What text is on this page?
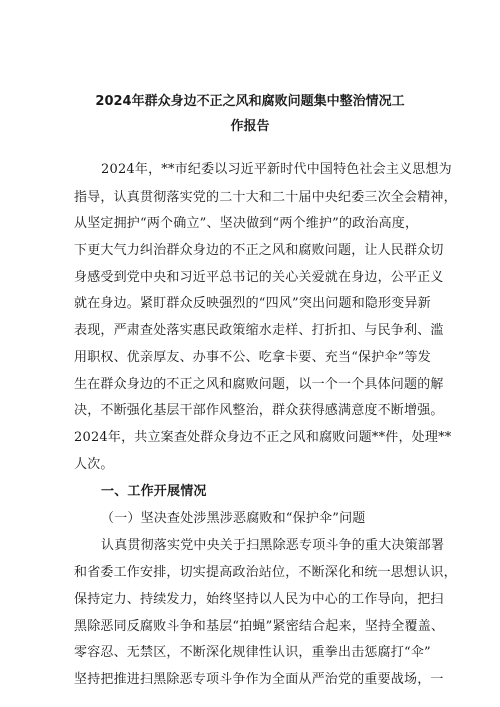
2024年群众身边不正之风和腐败问题集中整治情况工
作报告
2024年，**市纪委以习近平新时代中国特色社会主义思想为
指导，认真贯彻落实党的二十大和二十届中央纪委三次全会精神，
从坚定拥护“两个确立”、坚决做到“两个维护”的政治高度，
下更大气力纠治群众身边的不正之风和腐败问题，让人民群众切
身感受到党中央和习近平总书记的关心关爱就在身边，公平正义
就在身边。紧盯群众反映强烈的“四风”突出问题和隐形变异新
表现，严肃查处落实惠民政策缩水走样、打折扣、与民争利、滥
用职权、优亲厚友、办事不公、吃拿卡要、充当“保护伞”等发
生在群众身边的不正之风和腐败问题，以一个一个具体问题的解
决，不断强化基层干部作风整治，群众获得感满意度不断增强。
2024年，共立案查处群众身边不正之风和腐败问题**件，处理**
人次。
一、工作开展情况
（一）坚决查处涉黑涉恶腐败和“保护伞”问题
认真贯彻落实党中央关于扫黑除恶专项斗争的重大决策部署
和省委工作安排，切实提高政治站位，不断深化和统一思想认识，
保持定力、持续发力，始终坚持以人民为中心的工作导向，把扫
黑除恶同反腐败斗争和基层“拍蝇”紧密结合起来，坚持全覆盖、
零容忍、无禁区，不断深化规律性认识，重拳出击惩腐打“伞”
坚持把推进扫黑除恶专项斗争作为全面从严治党的重要战场，一
